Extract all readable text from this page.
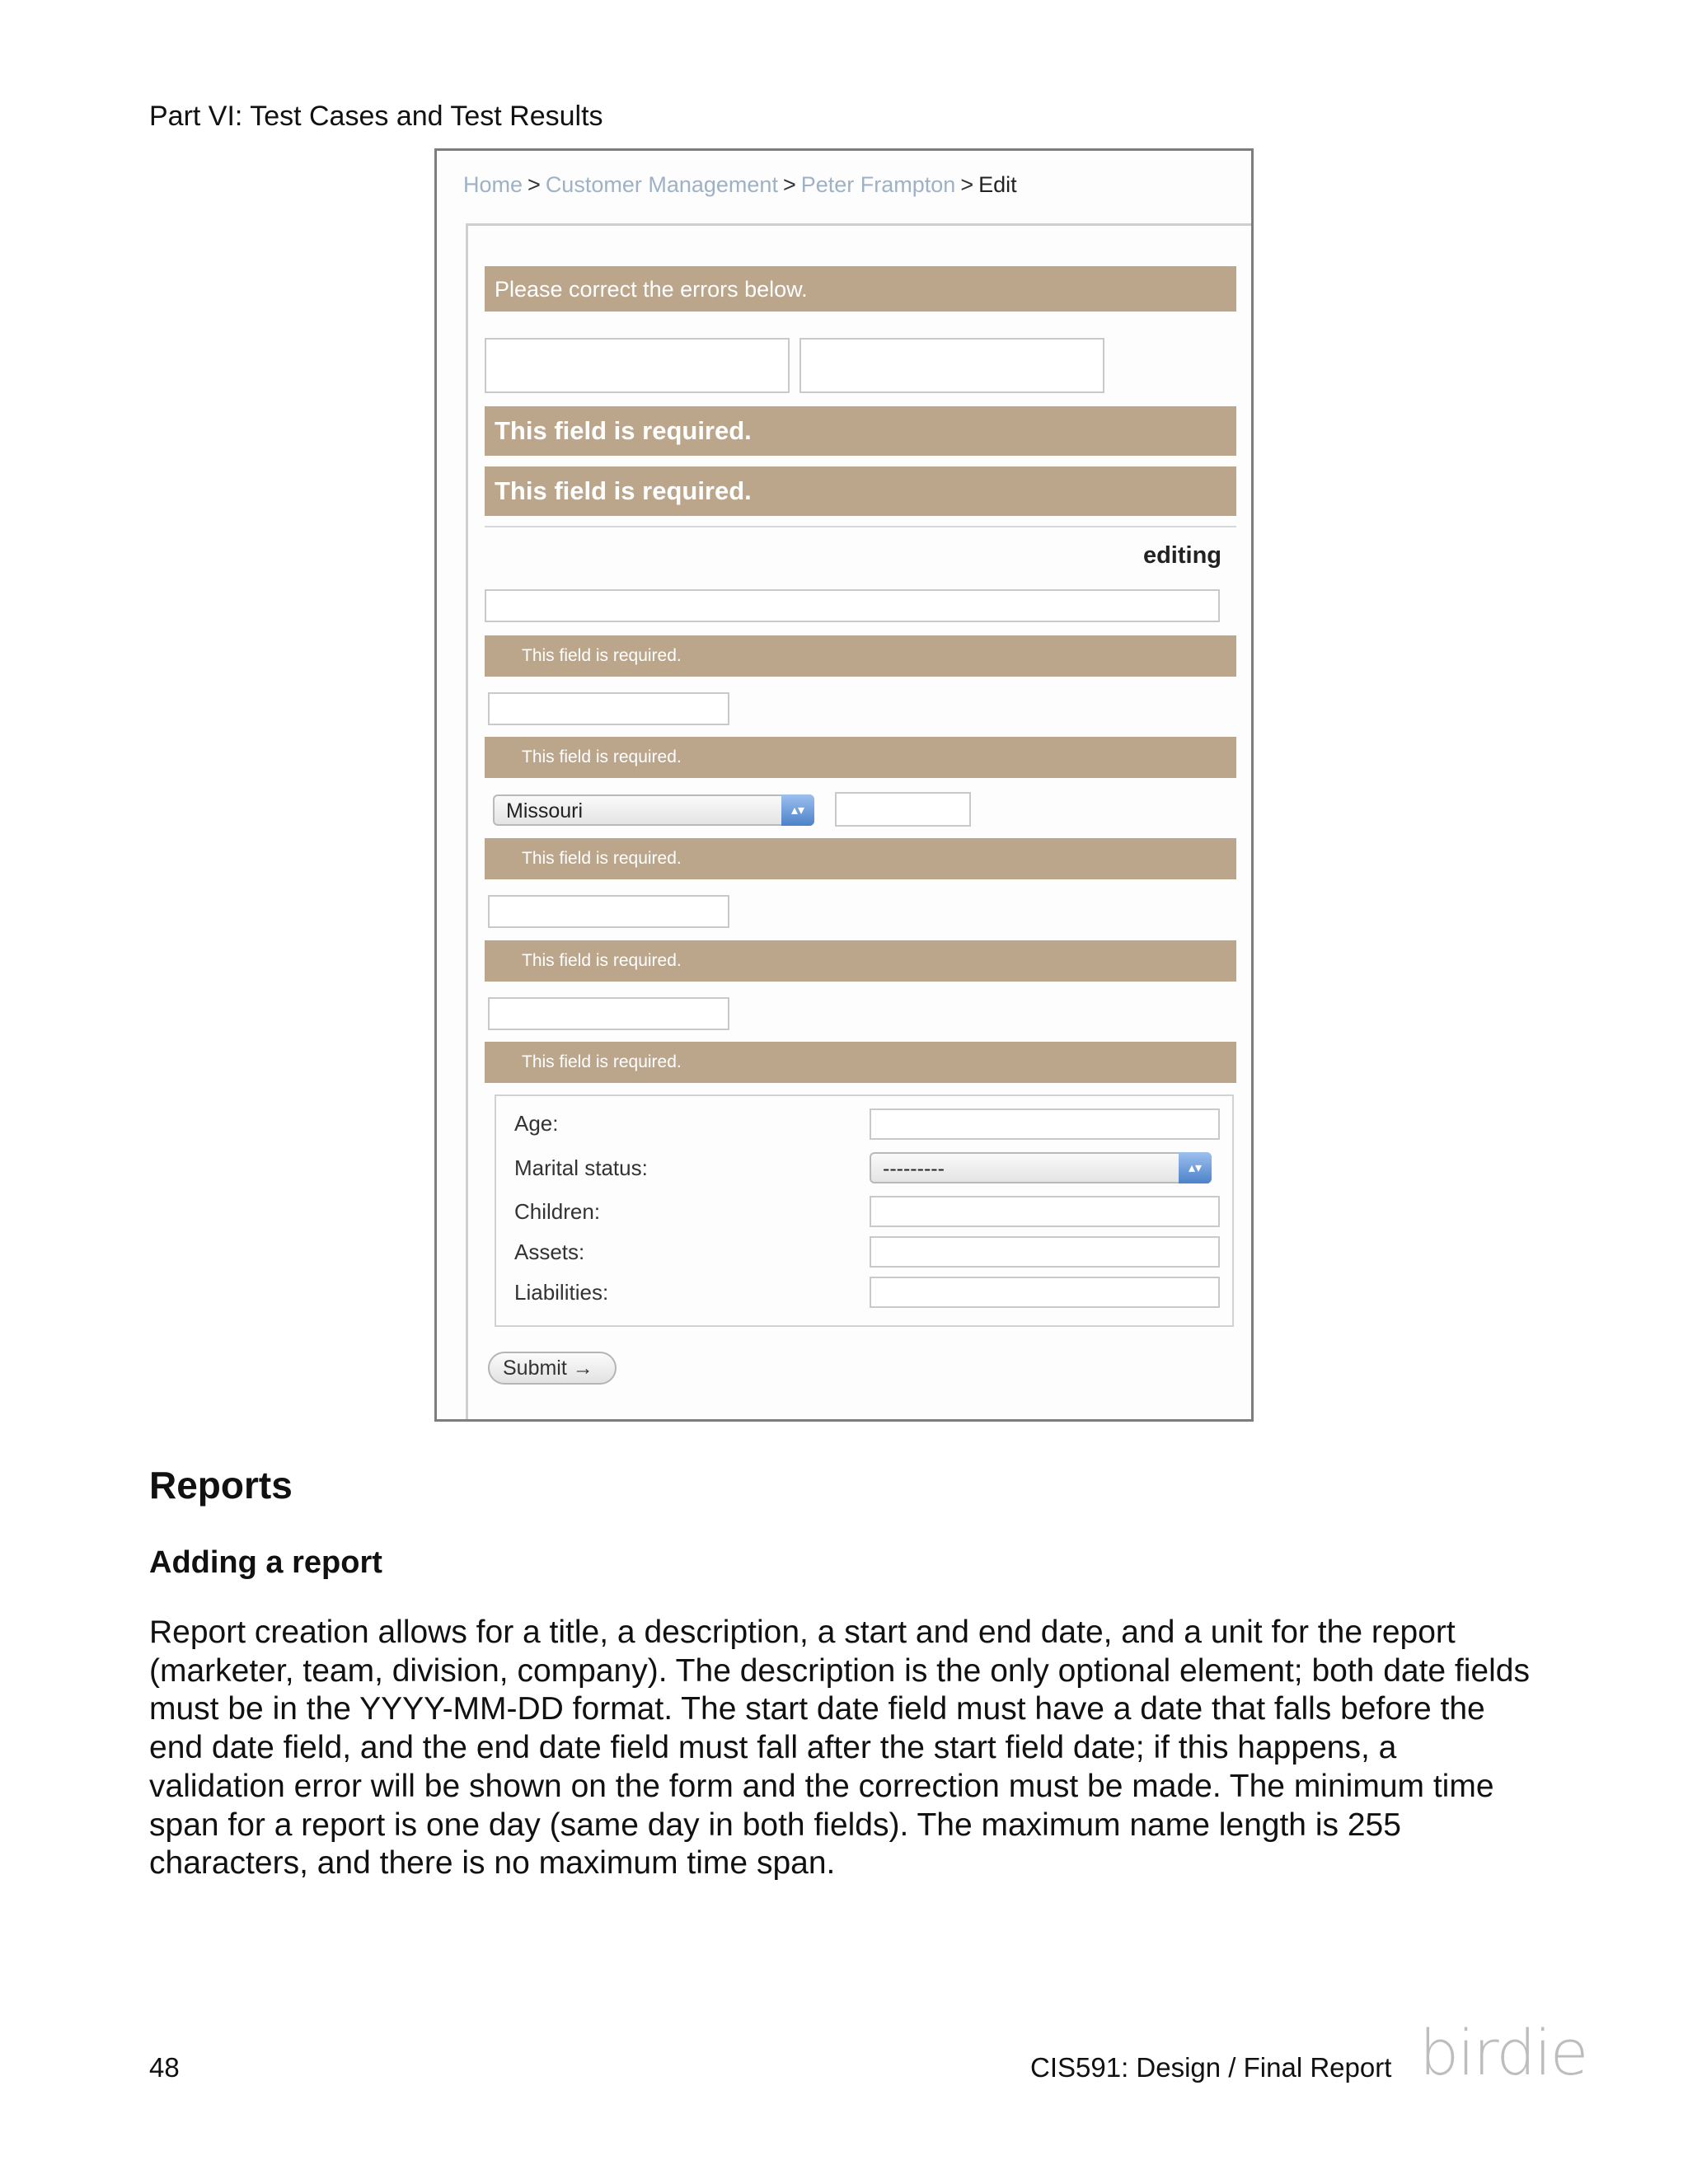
Part VI: Test Cases and Test Results
Home > Customer Management > Peter Frampton > Edit
Please correct the errors below.
This field is required.
This field is required.
editing
This field is required.
This field is required.
Missouri	▴▾
This field is required.
This field is required.
This field is required.
Age:
Marital status:	---------	▴▾
Children:
Assets:
Liabilities:
Submit →
Reports
Adding a report
Report creation allows for a title, a description, a start and end date, and a unit for the report (marketer, team, division, company). The description is the only optional element; both date fields must be in the YYYY-MM-DD format. The start date field must have a date that falls before the end date field, and the end date field must fall after the start field date; if this happens, a validation error will be shown on the form and the correction must be made. The minimum time span for a report is one day (same day in both fields). The maximum name length is 255 characters, and there is no maximum time span.
48	CIS591: Design / Final Report birdie
